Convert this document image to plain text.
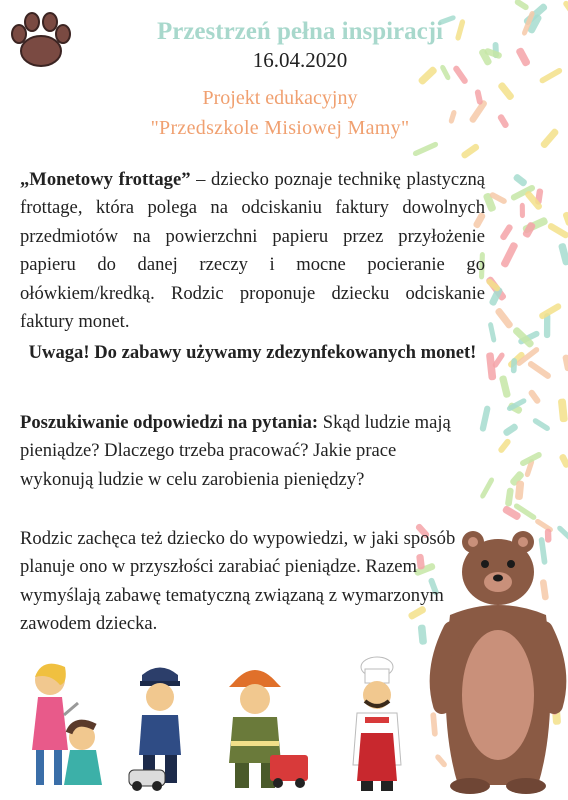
Przestrzeń pełna inspiracji
16.04.2020
Projekt edukacyjny
"Przedszkole Misiowej Mamy"
„Monetowy frottage” – dziecko poznaje technikę plastyczną frottage, która polega na odciskaniu faktury dowolnych przedmiotów na powierzchni papieru przez przyłożenie papieru do danej rzeczy i mocne pocieranie go ołówkiem/kredką. Rodzic proponuje dziecku odciskanie faktury monet.
Uwaga! Do zabawy używamy zdezynfekowanych monet!
Poszukiwanie odpowiedzi na pytania: Skąd ludzie mają pieniądze? Dlaczego trzeba pracować? Jakie prace wykonują ludzie w celu zarobienia pieniędzy?
Rodzic zachęca też dziecko do wypowiedzi, w jaki sposób planuje ono w przyszłości zarabiać pieniądze. Razem wymyślają zabawę tematyczną związaną z wymarzonym zawodem dziecka.
